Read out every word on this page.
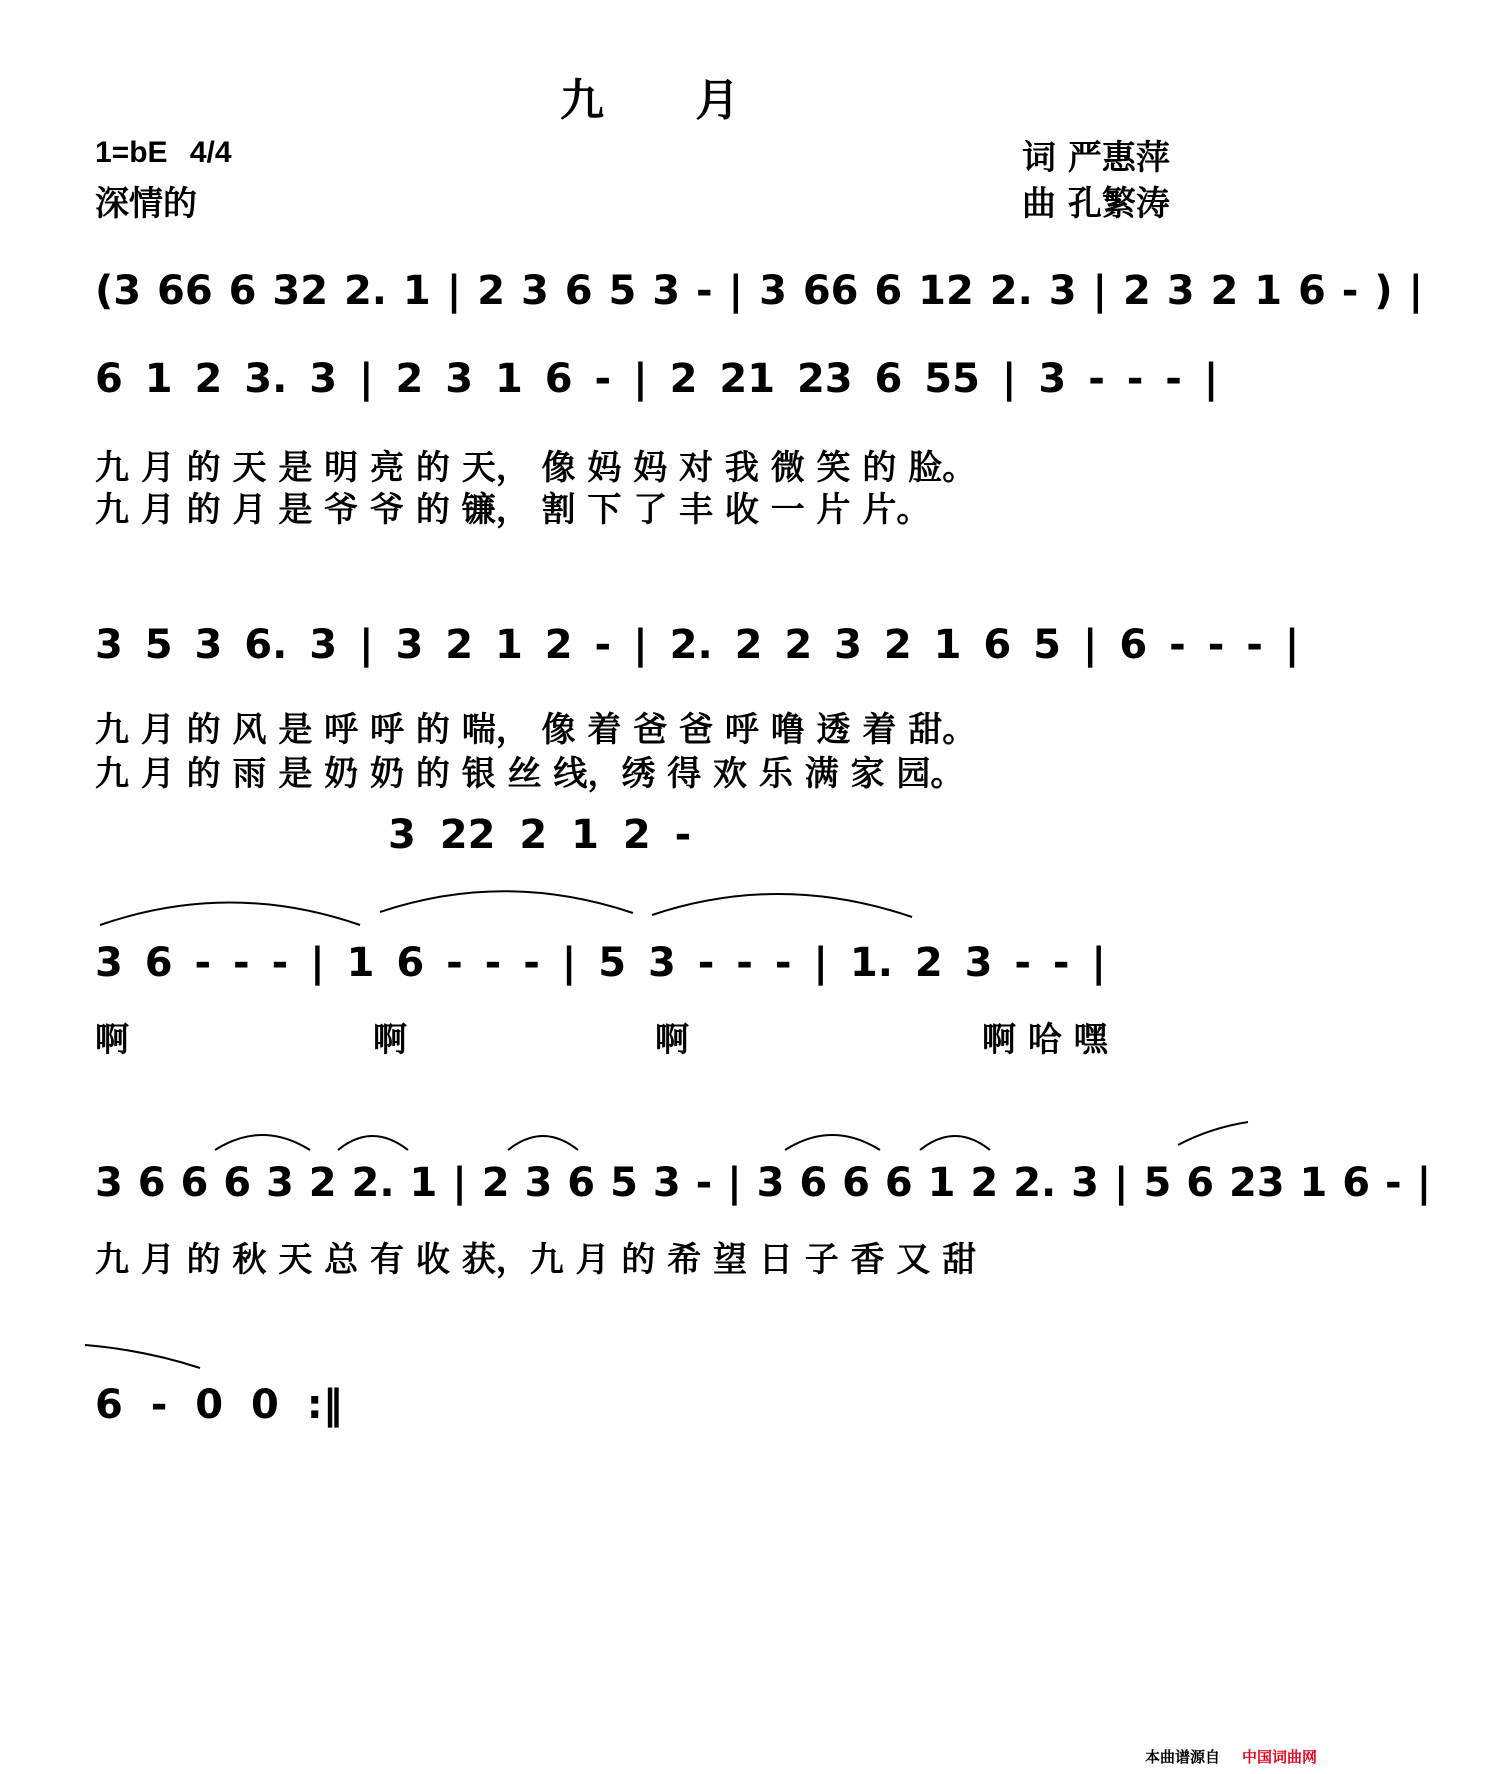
九 月
1=bE 4/4
深情的
词 严惠萍
曲 孔繁涛
(3 66 6 32 2. 1 | 2 3 6 5 3 - | 3 66 6 12 2. 3 | 2 3 2 1 6 - ) |
6 1 2 3. 3 | 2 3 1 6 - | 2 21 23 6 55 | 3 - - - |
九 月 的 天 是 明 亮 的 天， 像 妈 妈 对 我 微 笑 的 脸。
九 月 的 月 是 爷 爷 的 镰， 割 下 了 丰 收 一 片 片。
3 5 3 6. 3 | 3 2 1 2 - | 2. 2 2 3 2 1 6 5 | 6 - - - |
九 月 的 风 是 呼 呼 的 喘， 像 着 爸 爸 呼 噜 透 着 甜。
九 月 的 雨 是 奶 奶 的 银 丝 线，绣 得 欢 乐 满 家 园。
3 22 2 1 2 -
3 6 - - - | 1 6 - - - | 5 3 - - - | 1. 2 3 - - |
啊	啊	啊	啊 哈 嘿
3 6 6 6 3 2 2. 1 | 2 3 6 5 3 - | 3 6 6 6 1 2 2. 3 | 5 6 23 1 6 - |
九 月 的 秋 天 总 有 收 获，九 月 的 希 望 日 子 香 又 甜
6 - 0 0 :‖
本曲谱源自 中国词曲网
